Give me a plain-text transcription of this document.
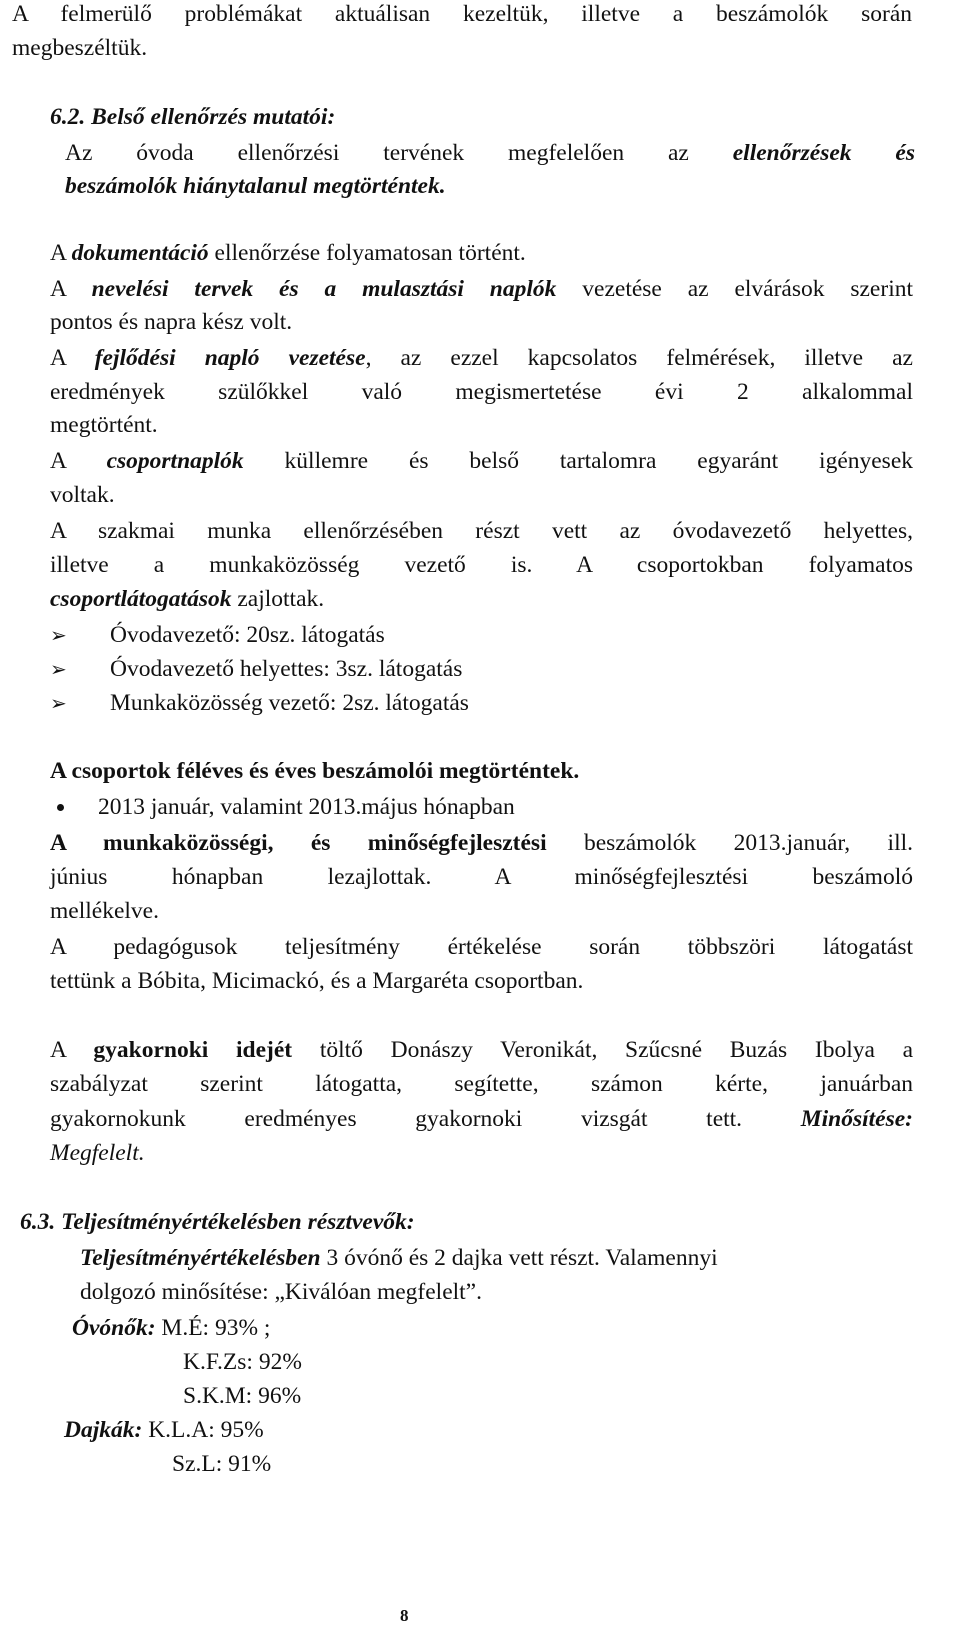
A felmerülő problémákat aktuálisan kezeltük, illetve a beszámolók során
megbeszéltük.
6.2. Belső ellenőrzés mutatói:
Az óvoda ellenőrzési tervének megfelelően az ellenőrzések és
beszámolók hiánytalanul megtörténtek.
A dokumentáció ellenőrzése folyamatosan történt.
A nevelési tervek és a mulasztási naplók vezetése az elvárások szerint
pontos és napra kész volt.
A fejlődési napló vezetése, az ezzel kapcsolatos felmérések, illetve az
eredmények szülőkkel való megismertetése évi 2 alkalommal
megtörtént.
A csoportnaplók küllemre és belső tartalomra egyaránt igényesek
voltak.
A szakmai munka ellenőrzésében részt vett az óvodavezető helyettes,
illetve a munkaközösség vezető is. A csoportokban folyamatos
csoportlátogatások zajlottak.
➢ Óvodavezető: 20sz. látogatás
➢ Óvodavezető helyettes: 3sz. látogatás
➢ Munkaközösség vezető: 2sz. látogatás
A csoportok féléves és éves beszámolói megtörténtek.
2013 január, valamint 2013.május hónapban
A munkaközösségi, és minőségfejlesztési beszámolók 2013.január, ill.
június hónapban lezajlottak. A minőségfejlesztési beszámoló
mellékelve.
A pedagógusok teljesítmény értékelése során többszöri látogatást
tettünk a Bóbita, Micimackó, és a Margaréta csoportban.
A gyakornoki idejét töltő Donászy Veronikát, Szűcsné Buzás Ibolya a
szabályzat szerint látogatta, segítette, számon kérte, januárban
gyakornokunk eredményes gyakornoki vizsgát tett. Minősítése:
Megfelelt.
6.3. Teljesítményértékelésben résztvevők:
Teljesítményértékelésben 3 óvónő és 2 dajka vett részt. Valamennyi
dolgozó minősítése: „Kiválóan megfelelt”.
Óvónők: M.É: 93% ;
K.F.Zs: 92%
S.K.M: 96%
Dajkák: K.L.A: 95%
Sz.L: 91%
8
